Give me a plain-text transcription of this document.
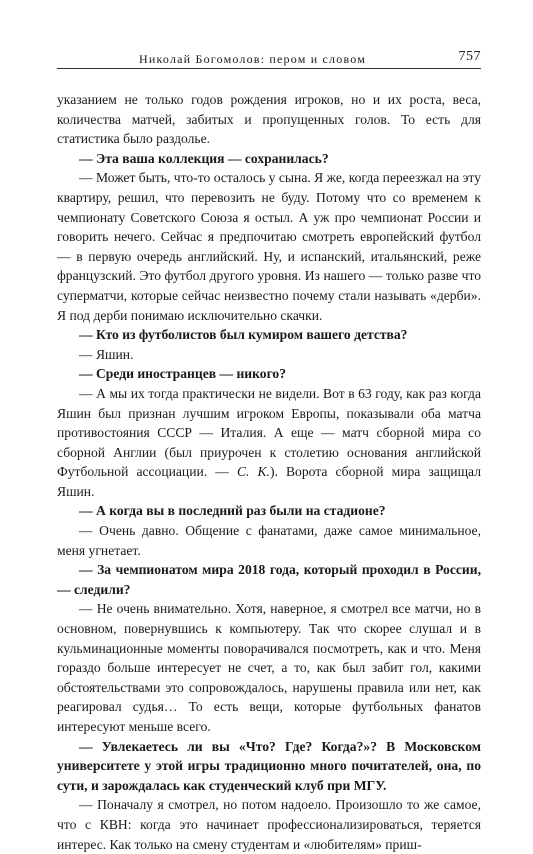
Николай Богомолов: пером и словом	757

указанием не только годов рождения игроков, но и их роста, веса, количества матчей, забитых и пропущенных голов. То есть для статистика было раздолье.

— Эта ваша коллекция — сохранилась?

— Может быть, что-то осталось у сына. Я же, когда переезжал на эту квартиру, решил, что перевозить не буду. Потому что со временем к чемпионату Советского Союза я остыл. А уж про чемпионат России и говорить нечего. Сейчас я предпочитаю смотреть европейский футбол — в первую очередь английский. Ну, и испанский, итальянский, реже французский. Это футбол другого уровня. Из нашего — только разве что суперматчи, которые сейчас неизвестно почему стали называть «дерби». Я под дерби понимаю исключительно скачки.

— Кто из футболистов был кумиром вашего детства?

— Яшин.

— Среди иностранцев — никого?

— А мы их тогда практически не видели. Вот в 63 году, как раз когда Яшин был признан лучшим игроком Европы, показывали оба матча противостояния СССР — Италия. А еще — матч сборной мира со сборной Англии (был приурочен к столетию основания английской Футбольной ассоциации. — С. К.). Ворота сборной мира защищал Яшин.

— А когда вы в последний раз были на стадионе?

— Очень давно. Общение с фанатами, даже самое минимальное, меня угнетает.

— За чемпионатом мира 2018 года, который проходил в России, — следили?

— Не очень внимательно. Хотя, наверное, я смотрел все матчи, но в основном, повернувшись к компьютеру. Так что скорее слушал и в кульминационные моменты поворачивался посмотреть, как и что. Меня гораздо больше интересует не счет, а то, как был забит гол, какими обстоятельствами это сопровождалось, нарушены правила или нет, как реагировал судья… То есть вещи, которые футбольных фанатов интересуют меньше всего.

— Увлекаетесь ли вы «Что? Где? Когда?»? В Московском университете у этой игры традиционно много почитателей, она, по сути, и зарождалась как студенческий клуб при МГУ.

— Поначалу я смотрел, но потом надоело. Произошло то же самое, что с КВН: когда это начинает профессионализироваться, теряется интерес. Как только на смену студентам и «любителям» приш-
